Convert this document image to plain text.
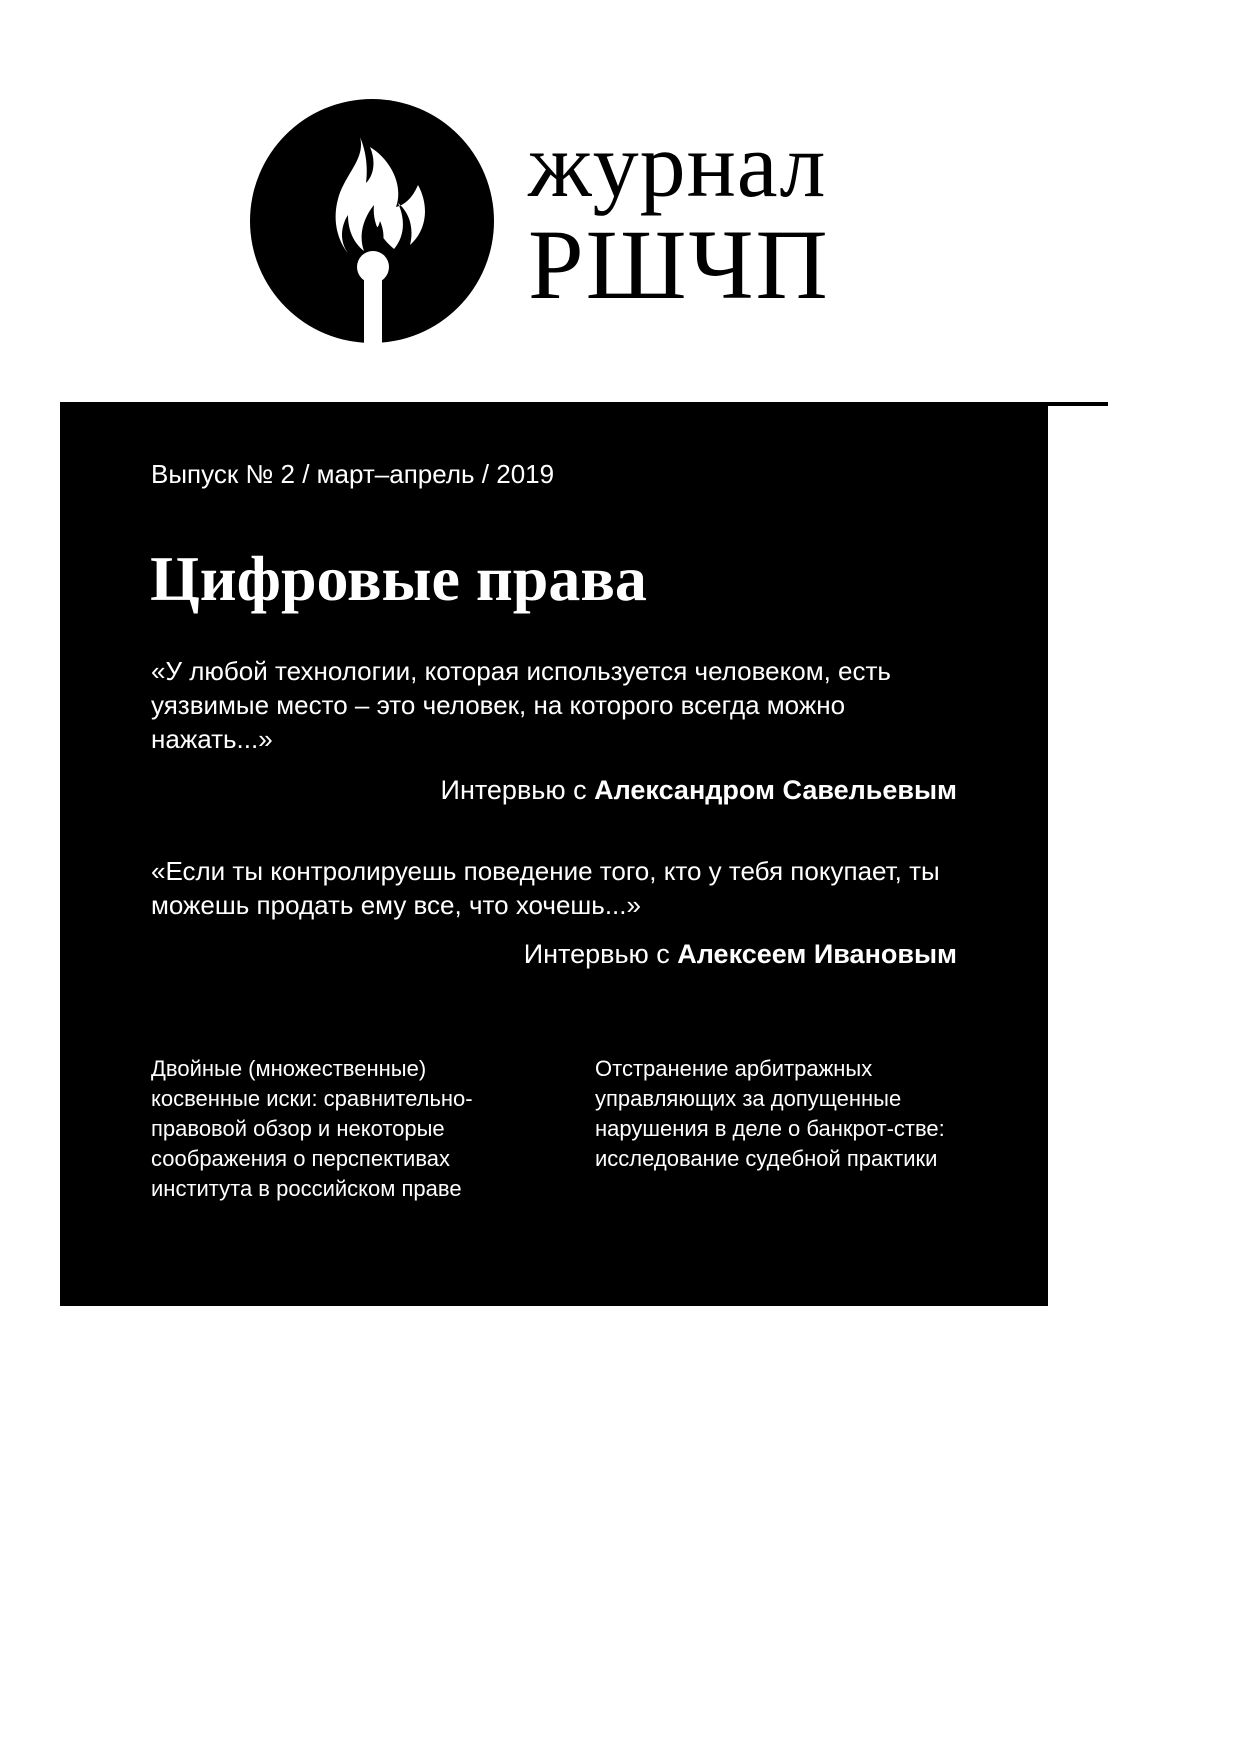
журнал
РШЧП
Выпуск № 2 / март–апрель / 2019
Цифровые права
«У любой технологии, которая используется человеком, есть уязвимые место – это человек, на которого всегда можно нажать...»
Интервью с Александром Савельевым
«Если ты контролируешь поведение того, кто у тебя покупает, ты можешь продать ему все, что хочешь...»
Интервью с Алексеем Ивановым
Двойные (множественные) косвенные иски: сравнительно-правовой обзор и некоторые соображения о перспективах института в российском праве
Отстранение арбитражных управляющих за допущенные нарушения в деле о банкрот-стве: исследование судебной практики
